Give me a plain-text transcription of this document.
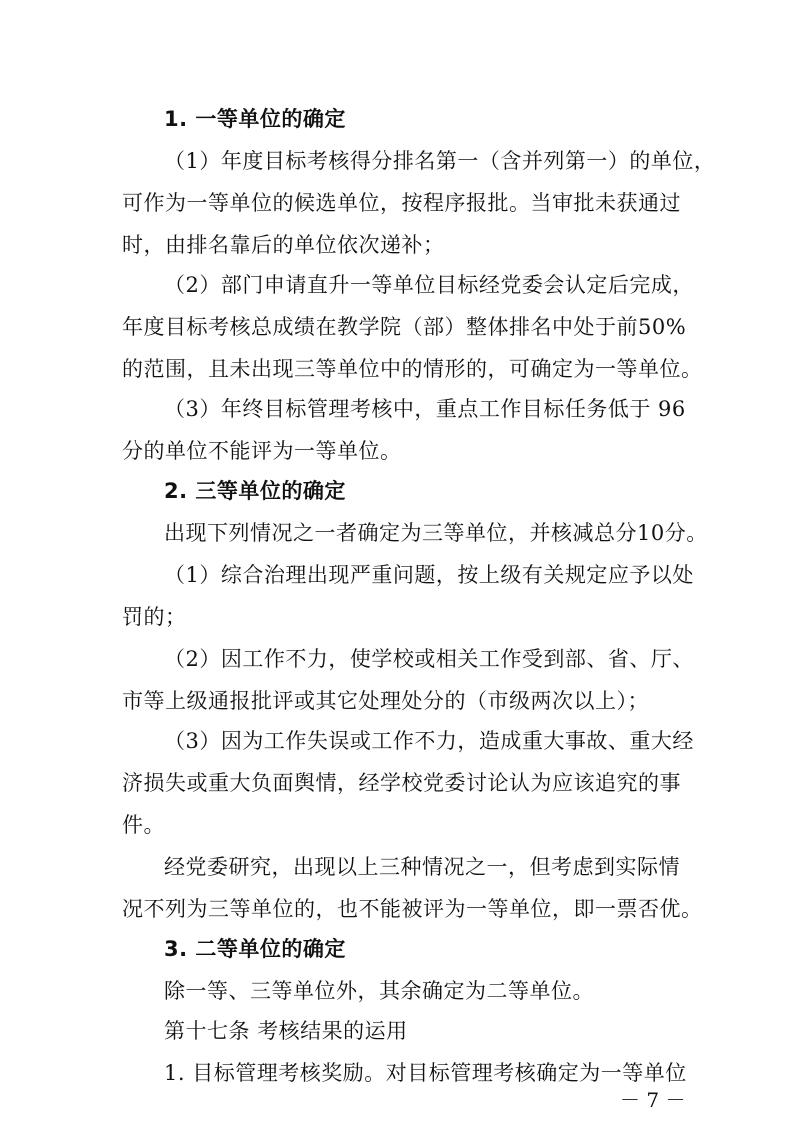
1. 一等单位的确定
（1）年度目标考核得分排名第一（含并列第一）的单位，
可作为一等单位的候选单位，按程序报批。当审批未获通过
时，由排名靠后的单位依次递补；
（2）部门申请直升一等单位目标经党委会认定后完成，
年度目标考核总成绩在教学院（部）整体排名中处于前50%
的范围，且未出现三等单位中的情形的，可确定为一等单位。
（3）年终目标管理考核中，重点工作目标任务低于 96
分的单位不能评为一等单位。
2. 三等单位的确定
出现下列情况之一者确定为三等单位，并核减总分10分。
（1）综合治理出现严重问题，按上级有关规定应予以处
罚的；
（2）因工作不力，使学校或相关工作受到部、省、厅、
市等上级通报批评或其它处理处分的（市级两次以上）；
（3）因为工作失误或工作不力，造成重大事故、重大经
济损失或重大负面舆情，经学校党委讨论认为应该追究的事
件。
经党委研究，出现以上三种情况之一，但考虑到实际情
况不列为三等单位的，也不能被评为一等单位，即一票否优。
3. 二等单位的确定
除一等、三等单位外，其余确定为二等单位。
第十七条 考核结果的运用
1. 目标管理考核奖励。对目标管理考核确定为一等单位
－ 7 －
